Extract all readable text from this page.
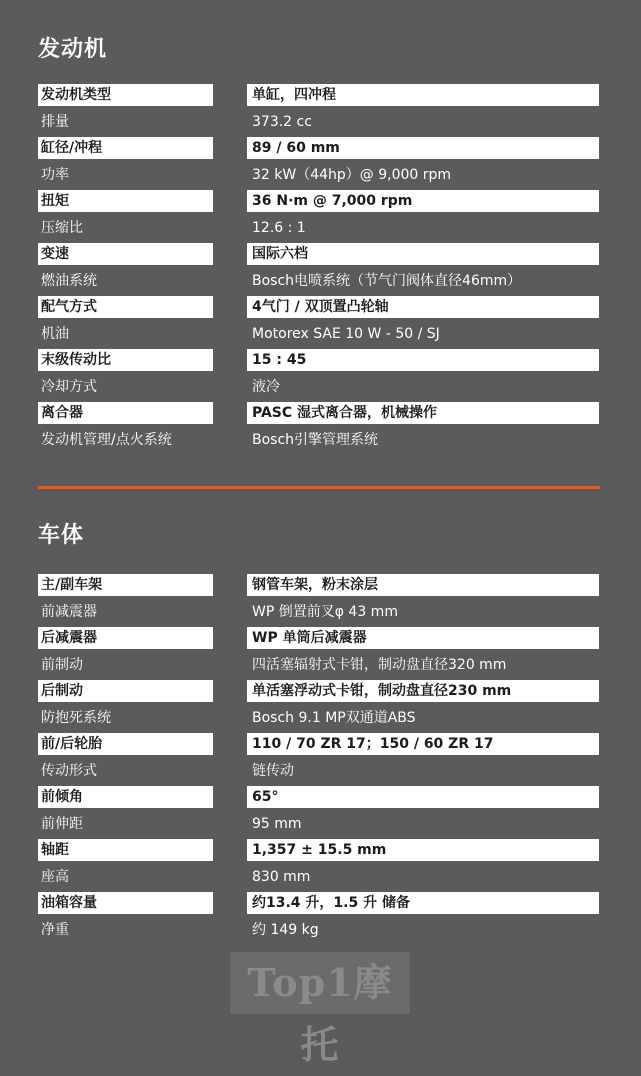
发动机
发动机类型	单缸，四冲程
排量	373.2 cc
缸径/冲程	89 / 60 mm
功率	32 kW（44hp）@ 9,000 rpm
扭矩	36 N·m @ 7,000 rpm
压缩比	12.6 : 1
变速	国际六档
燃油系统	Bosch电喷系统（节气门阀体直径46mm）
配气方式	4气门 / 双顶置凸轮轴
机油	Motorex SAE 10 W - 50 / SJ
末级传动比	15 : 45
冷却方式	液冷
离合器	PASC 湿式离合器，机械操作
发动机管理/点火系统	Bosch引擎管理系统
车体
主/副车架	钢管车架，粉末涂层
前减震器	WP 倒置前叉φ 43 mm
后减震器	WP 单筒后减震器
前制动	四活塞辐射式卡钳，制动盘直径320 mm
后制动	单活塞浮动式卡钳，制动盘直径230 mm
防抱死系统	Bosch 9.1 MP双通道ABS
前/后轮胎	110 / 70 ZR 17；150 / 60 ZR 17
传动形式	链传动
前倾角	65°
前伸距	95 mm
轴距	1,357 ± 15.5 mm
座高	830 mm
油箱容量	约13.4 升，1.5 升 储备
净重	约 149 kg
Top1摩托
